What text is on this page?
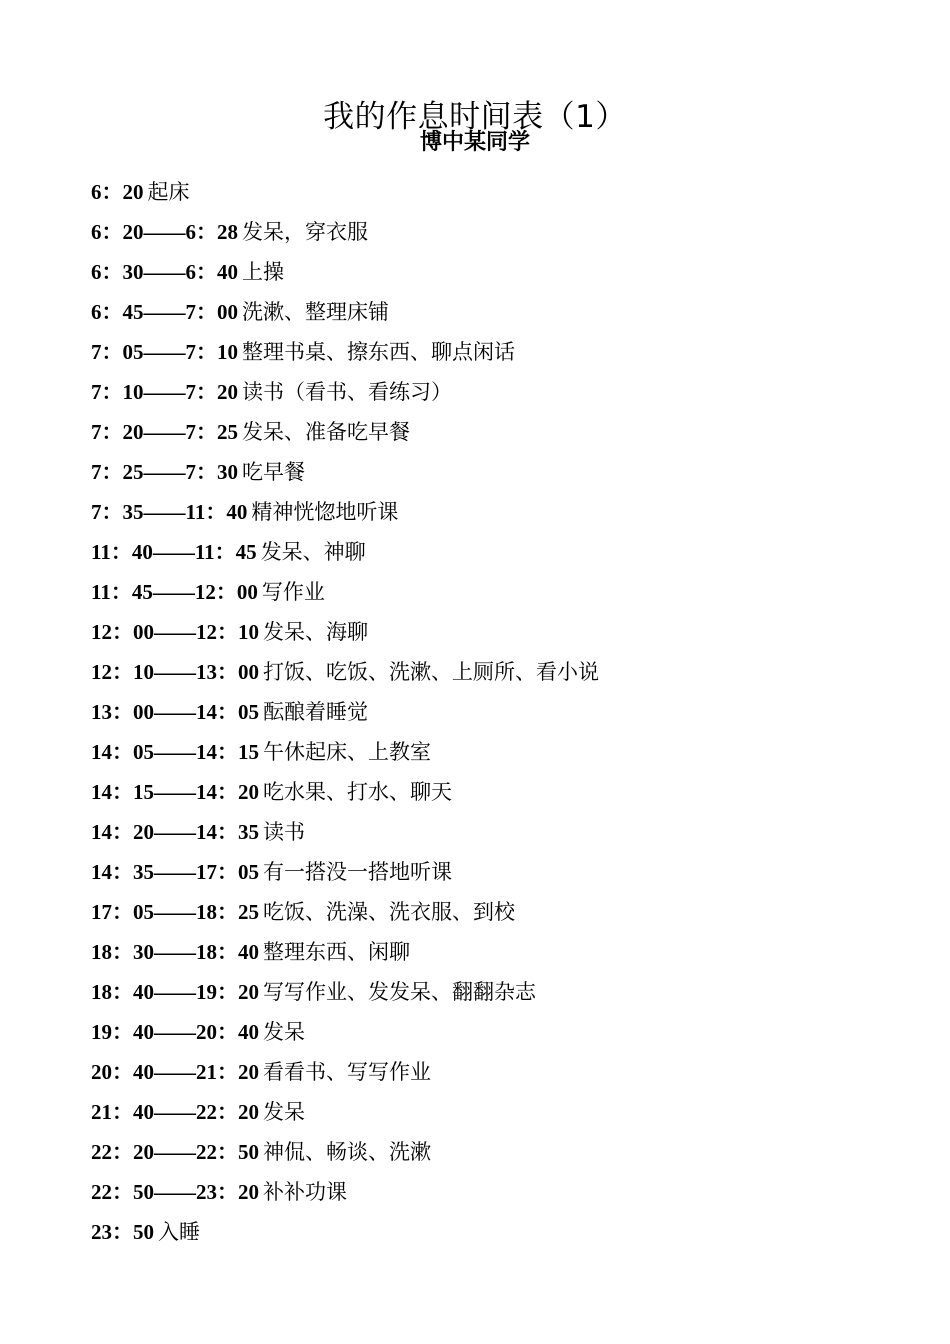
我的作息时间表（1）
博中某同学
6：20 起床
6：20——6：28 发呆，穿衣服
6：30——6：40 上操
6：45——7：00 洗漱、整理床铺
7：05——7：10 整理书桌、擦东西、聊点闲话
7：10——7：20 读书（看书、看练习）
7：20——7：25 发呆、准备吃早餐
7：25——7：30 吃早餐
7：35——11：40 精神恍惚地听课
11：40——11：45 发呆、神聊
11：45——12：00 写作业
12：00——12：10 发呆、海聊
12：10——13：00 打饭、吃饭、洗漱、上厕所、看小说
13：00——14：05 酝酿着睡觉
14：05——14：15 午休起床、上教室
14：15——14：20 吃水果、打水、聊天
14：20——14：35 读书
14：35——17：05 有一搭没一搭地听课
17：05——18：25 吃饭、洗澡、洗衣服、到校
18：30——18：40 整理东西、闲聊
18：40——19：20 写写作业、发发呆、翻翻杂志
19：40——20：40 发呆
20：40——21：20 看看书、写写作业
21：40——22：20 发呆
22：20——22：50 神侃、畅谈、洗漱
22：50——23：20 补补功课
23：50 入睡
